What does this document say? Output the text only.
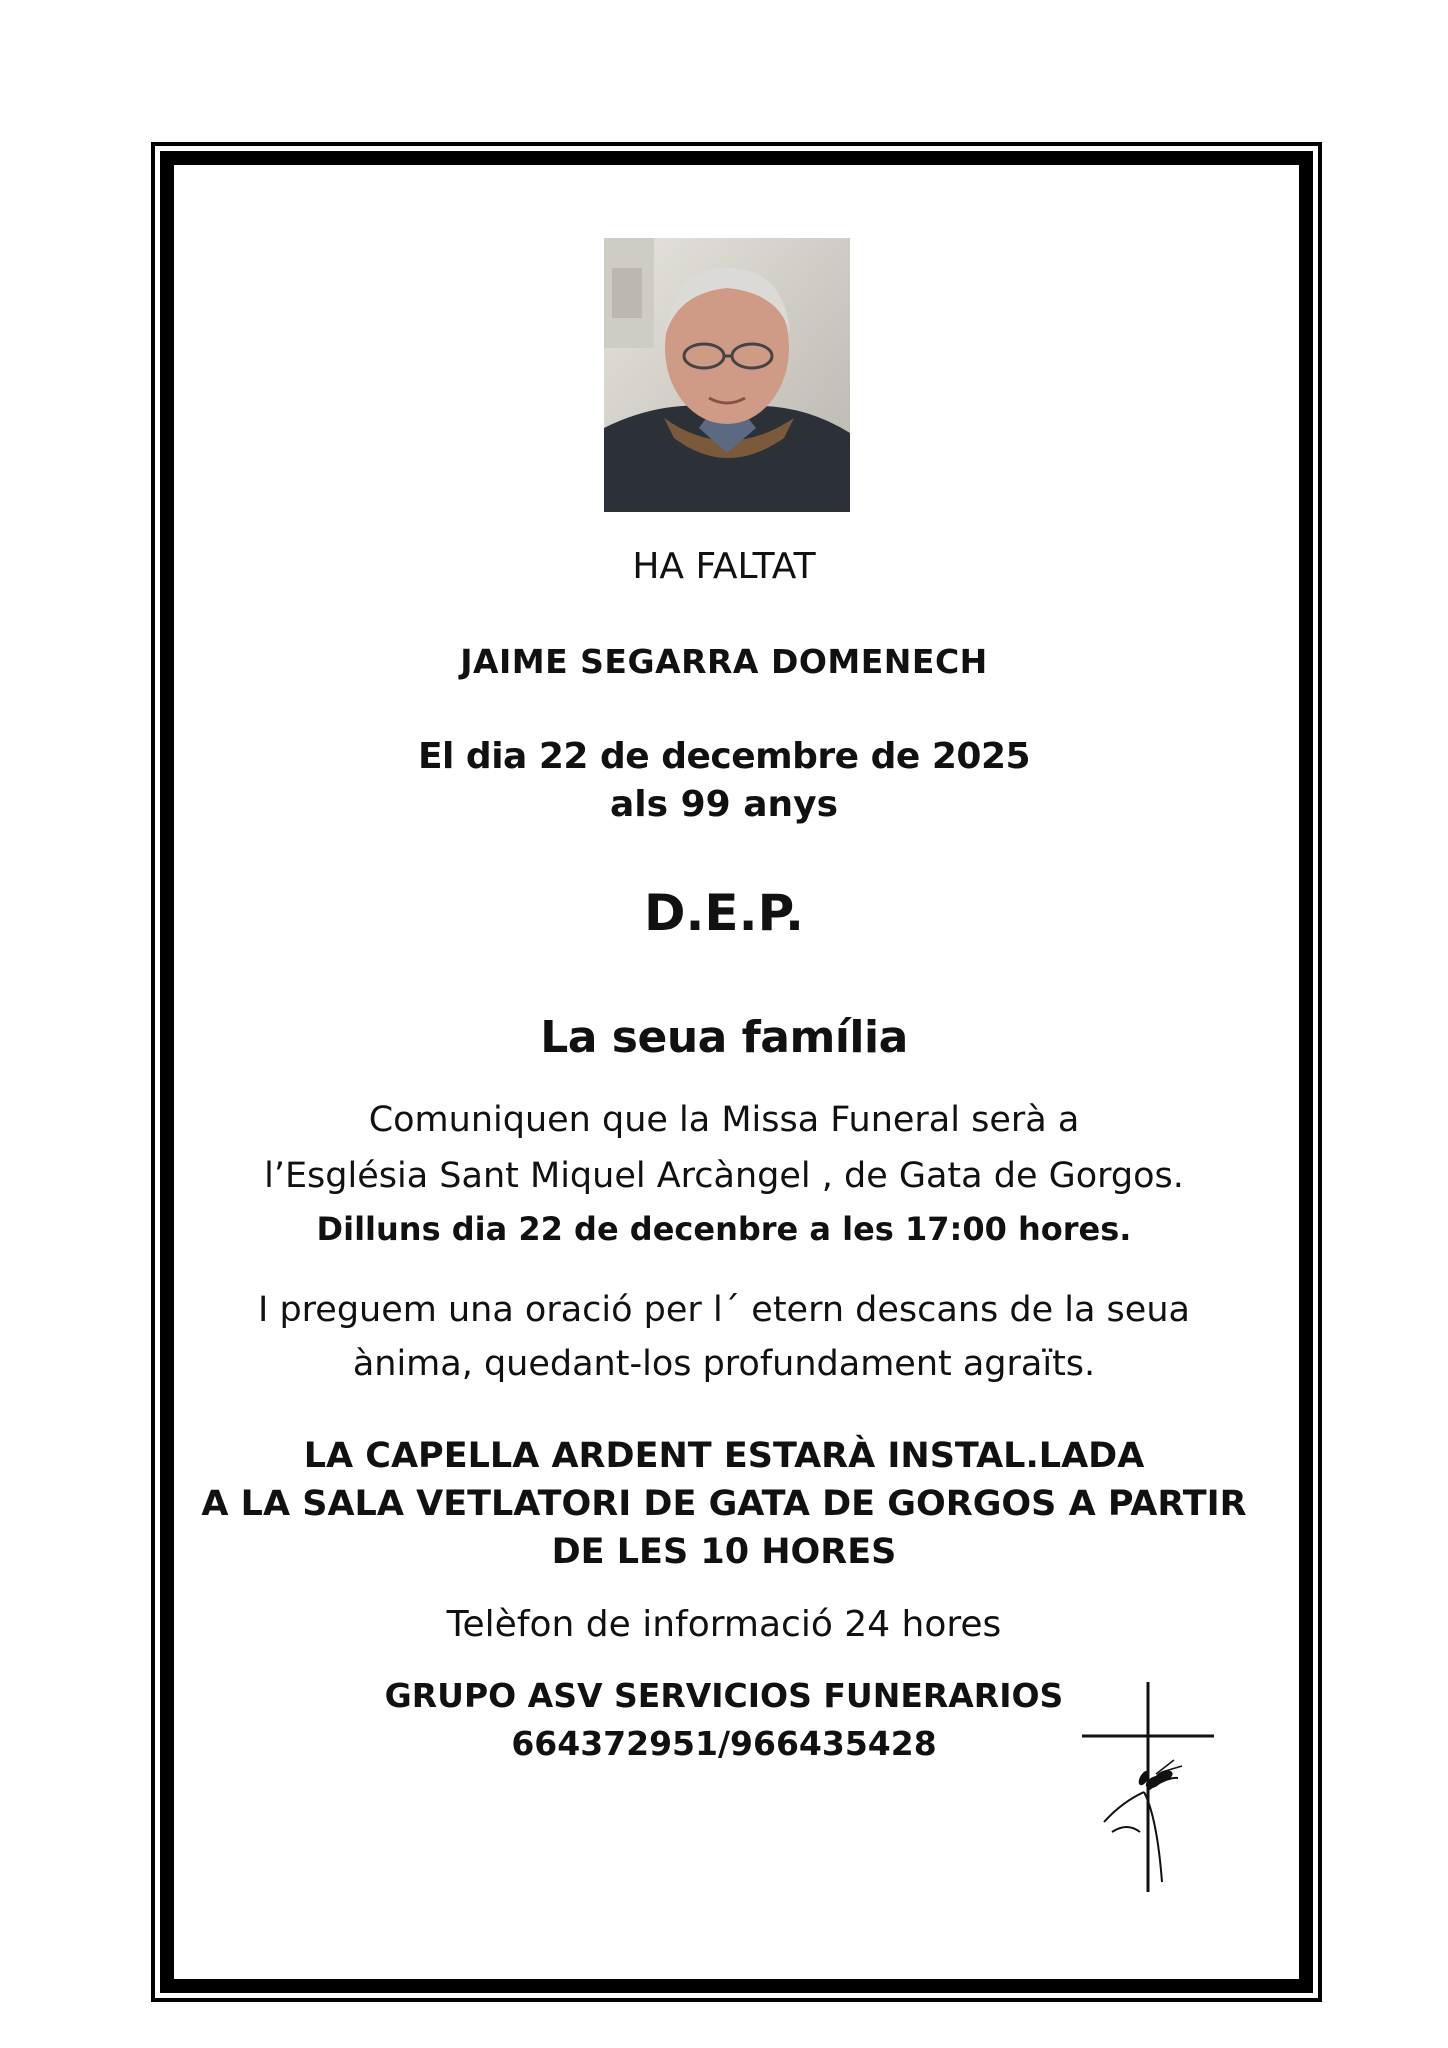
HA FALTAT
JAIME SEGARRA DOMENECH
El dia 22 de decembre de 2025
als 99 anys
D.E.P.
La seua família
Comuniquen que la Missa Funeral serà a
l’Església Sant Miquel Arcàngel , de Gata de Gorgos.
Dilluns dia 22 de decenbre a les 17:00 hores.
I preguem una oració per l´ etern descans de la seua
ànima, quedant-los profundament agraïts.
LA CAPELLA ARDENT ESTARÀ INSTAL.LADA
A LA SALA VETLATORI DE GATA DE GORGOS A PARTIR
DE LES 10 HORES
Telèfon de informació 24 hores
GRUPO ASV SERVICIOS FUNERARIOS
664372951/966435428
